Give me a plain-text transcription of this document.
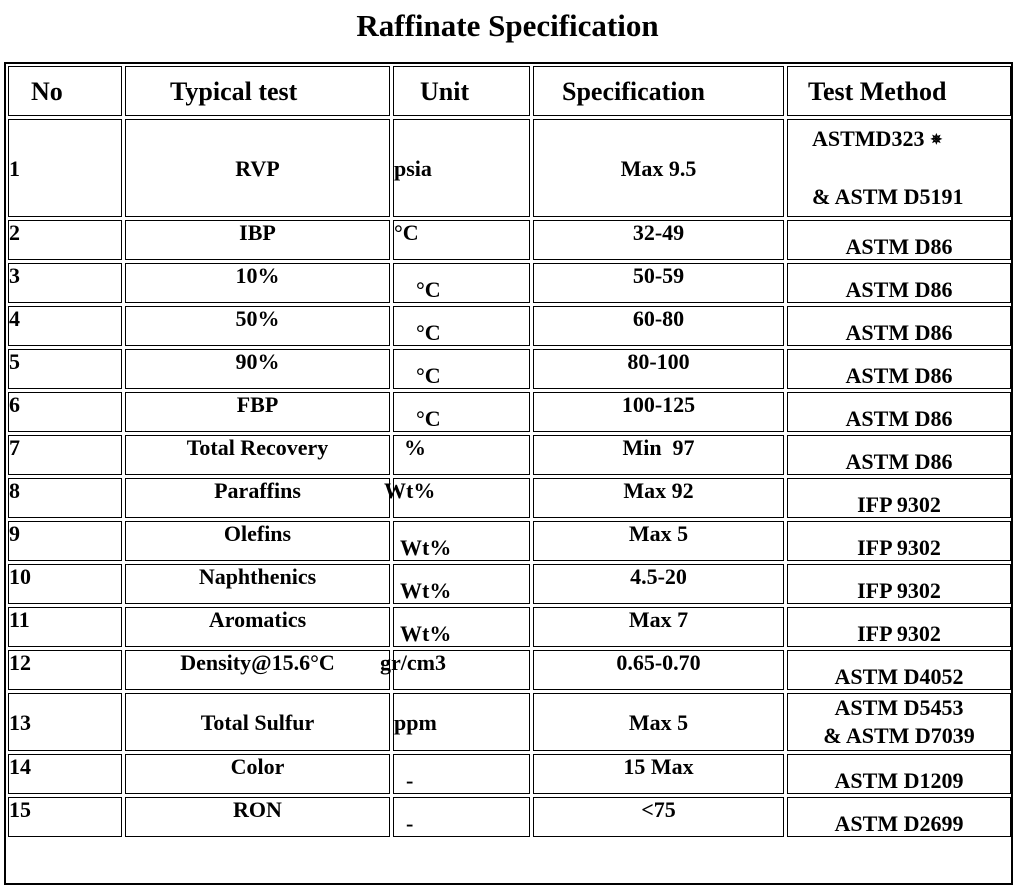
Raffinate Specification
No	Typical test	Unit	Specification	Test Method
1	RVP	psia	Max 9.5	ASTMD323 ✵
& ASTM D5191

2	IBP	°C	32-49	ASTM D86
3	10%	°C	50-59	ASTM D86
4	50%	°C	60-80	ASTM D86
5	90%	°C	80-100	ASTM D86
6	FBP	°C	100-125	ASTM D86
7	Total Recovery	%	Min  97	ASTM D86
8	Paraffins	Wt%	Max 92	IFP 9302
9	Olefins	Wt%	Max 5	IFP 9302
10	Naphthenics	Wt%	4.5-20	IFP 9302
11	Aromatics	Wt%	Max 7	IFP 9302
12	Density@15.6°C	gr/cm3	0.65-0.70	ASTM D4052
13	Total Sulfur	ppm	Max 5	ASTM D5453
& ASTM D7039

14	Color	-	15 Max	ASTM D1209
15	RON	-	<75	ASTM D2699
